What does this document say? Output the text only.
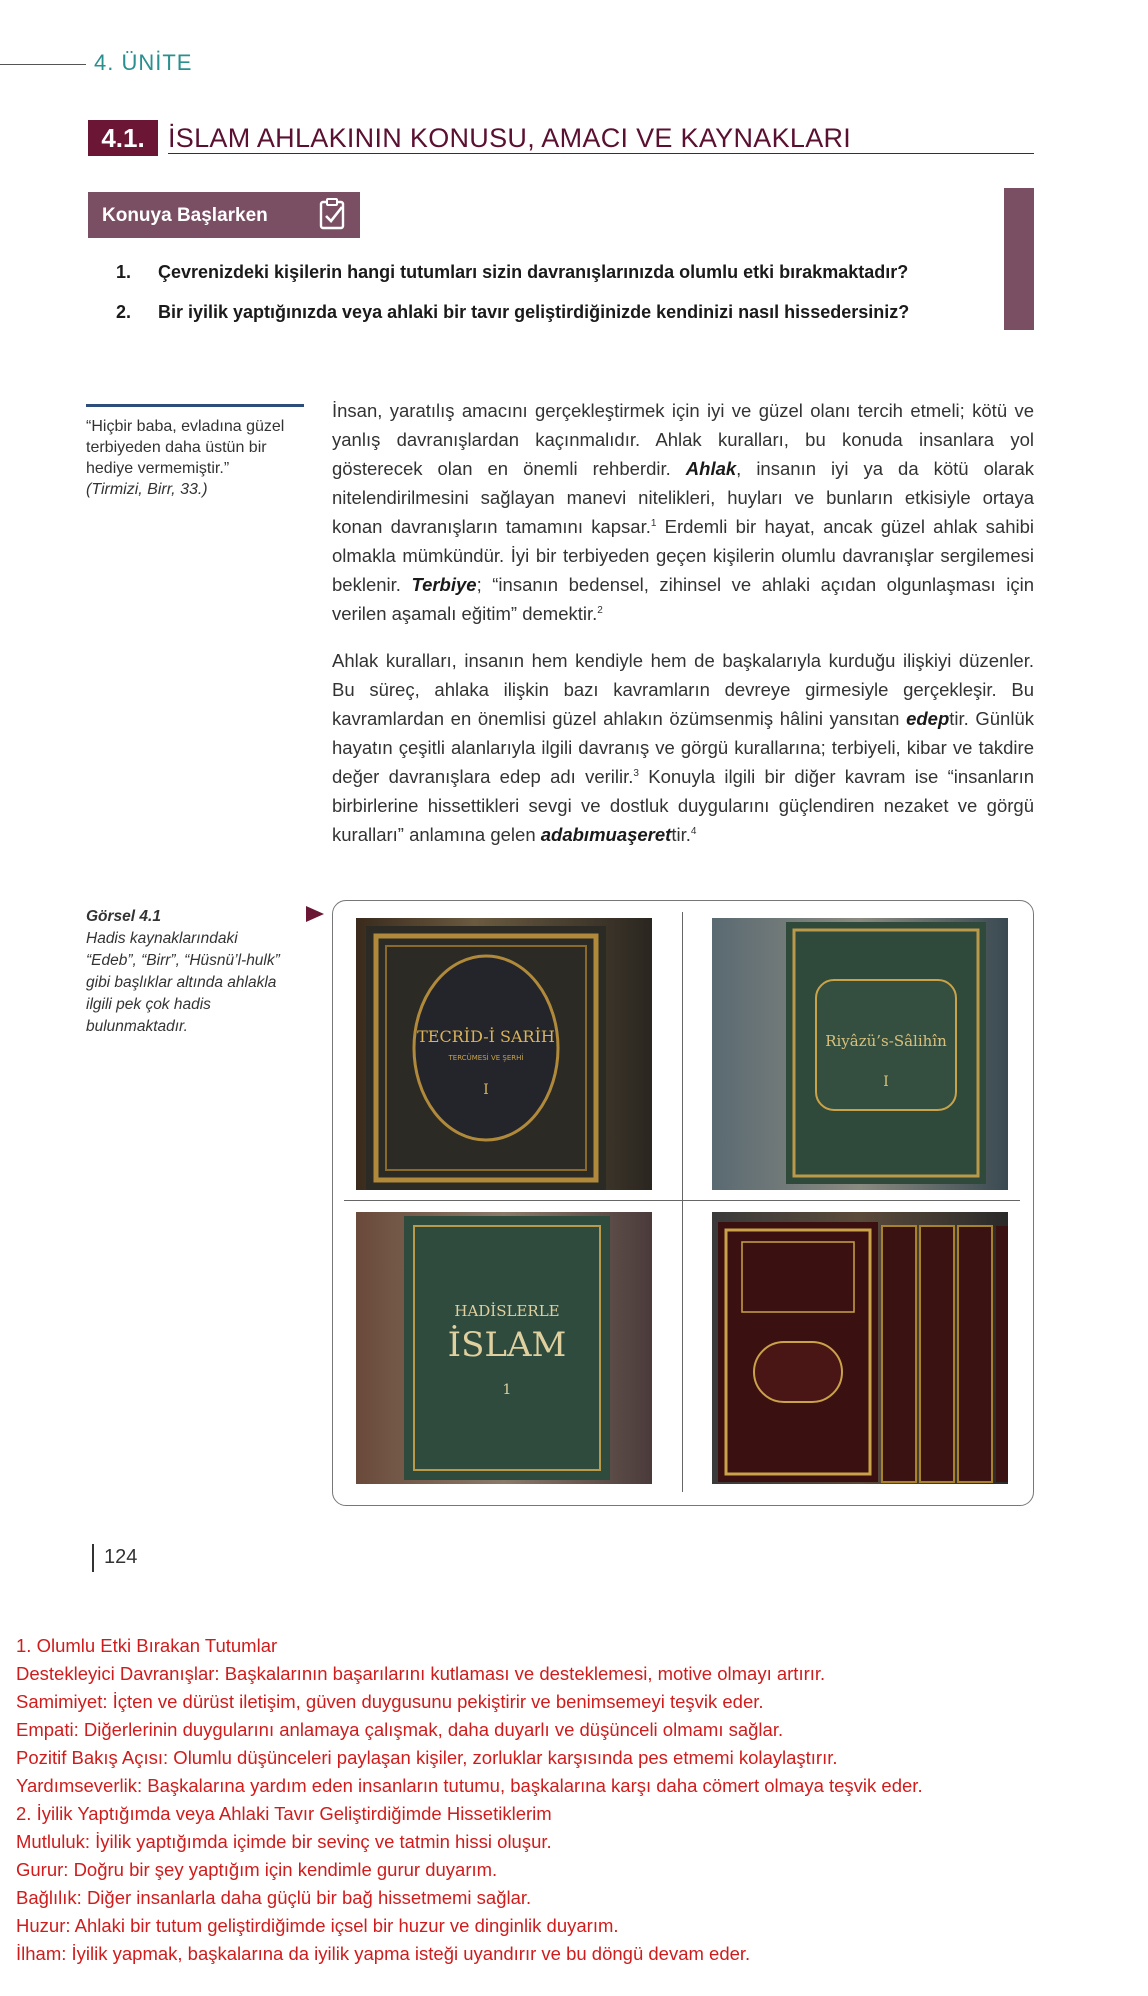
4. ÜNİTE
4.1. İSLAM AHLAKININ KONUSU, AMACI VE KAYNAKLARI
Konuya Başlarken
1. Çevrenizdeki kişilerin hangi tutumları sizin davranışlarınızda olumlu etki bırakmaktadır?
2. Bir iyilik yaptığınızda veya ahlaki bir tavır geliştirdiğinizde kendinizi nasıl hissedersiniz?
“Hiçbir baba, evladına güzel terbiyeden daha üstün bir hediye vermemiştir.”
(Tirmizi, Birr, 33.)
İnsan, yaratılış amacını gerçekleştirmek için iyi ve güzel olanı tercih etmeli; kötü ve yanlış davranışlardan kaçınmalıdır. Ahlak kuralları, bu konuda insanlara yol gösterecek olan en önemli rehberdir. Ahlak, insanın iyi ya da kötü olarak nitelendirilmesini sağlayan manevi nitelikleri, huyları ve bunların etkisiyle ortaya konan davranışların tamamını kapsar.$^1$ Erdemli bir hayat, ancak güzel ahlak sahibi olmakla mümkündür. İyi bir terbiyeden geçen kişilerin olumlu davranışlar sergilemesi beklenir. Terbiye; “insanın bedensel, zihinsel ve ahlaki açıdan olgunlaşması için verilen aşamalı eğitim” demektir.$^2$
Ahlak kuralları, insanın hem kendiyle hem de başkalarıyla kurduğu ilişkiyi düzenler. Bu süreç, ahlaka ilişkin bazı kavramların devreye girmesiyle gerçekleşir. Bu kavramlardan en önemlisi güzel ahlakın özümsenmiş hâlini yansıtan edeptir. Günlük hayatın çeşitli alanlarıyla ilgili davranış ve görgü kurallarına; terbiyeli, kibar ve takdire değer davranışlara edep adı verilir.$^3$ Konuyla ilgili bir diğer kavram ise “insanların birbirlerine hissettikleri sevgi ve dostluk duygularını güçlendiren nezaket ve görgü kuralları” anlamına gelen adabımuaşerettir.$^4$
Görsel 4.1
Hadis kaynaklarındaki “Edeb”, “Birr”, “Hüsnü’l-hulk” gibi başlıklar altında ahlakla ilgili pek çok hadis bulunmaktadır.
TECRİD-İ SARİH
TERCÜMESİ VE ŞERHİ
I
Riyâzü’s-Sâlihîn
I
HADİSLERLE
İSLAM
1
124
1. Olumlu Etki Bırakan Tutumlar
Destekleyici Davranışlar: Başkalarının başarılarını kutlaması ve desteklemesi, motive olmayı artırır.
Samimiyet: İçten ve dürüst iletişim, güven duygusunu pekiştirir ve benimsemeyi teşvik eder.
Empati: Diğerlerinin duygularını anlamaya çalışmak, daha duyarlı ve düşünceli olmamı sağlar.
Pozitif Bakış Açısı: Olumlu düşünceleri paylaşan kişiler, zorluklar karşısında pes etmemi kolaylaştırır.
Yardımseverlik: Başkalarına yardım eden insanların tutumu, başkalarına karşı daha cömert olmaya teşvik eder.
2. İyilik Yaptığımda veya Ahlaki Tavır Geliştirdiğimde Hissetiklerim
Mutluluk: İyilik yaptığımda içimde bir sevinç ve tatmin hissi oluşur.
Gurur: Doğru bir şey yaptığım için kendimle gurur duyarım.
Bağlılık: Diğer insanlarla daha güçlü bir bağ hissetmemi sağlar.
Huzur: Ahlaki bir tutum geliştirdiğimde içsel bir huzur ve dinginlik duyarım.
İlham: İyilik yapmak, başkalarına da iyilik yapma isteği uyandırır ve bu döngü devam eder.
